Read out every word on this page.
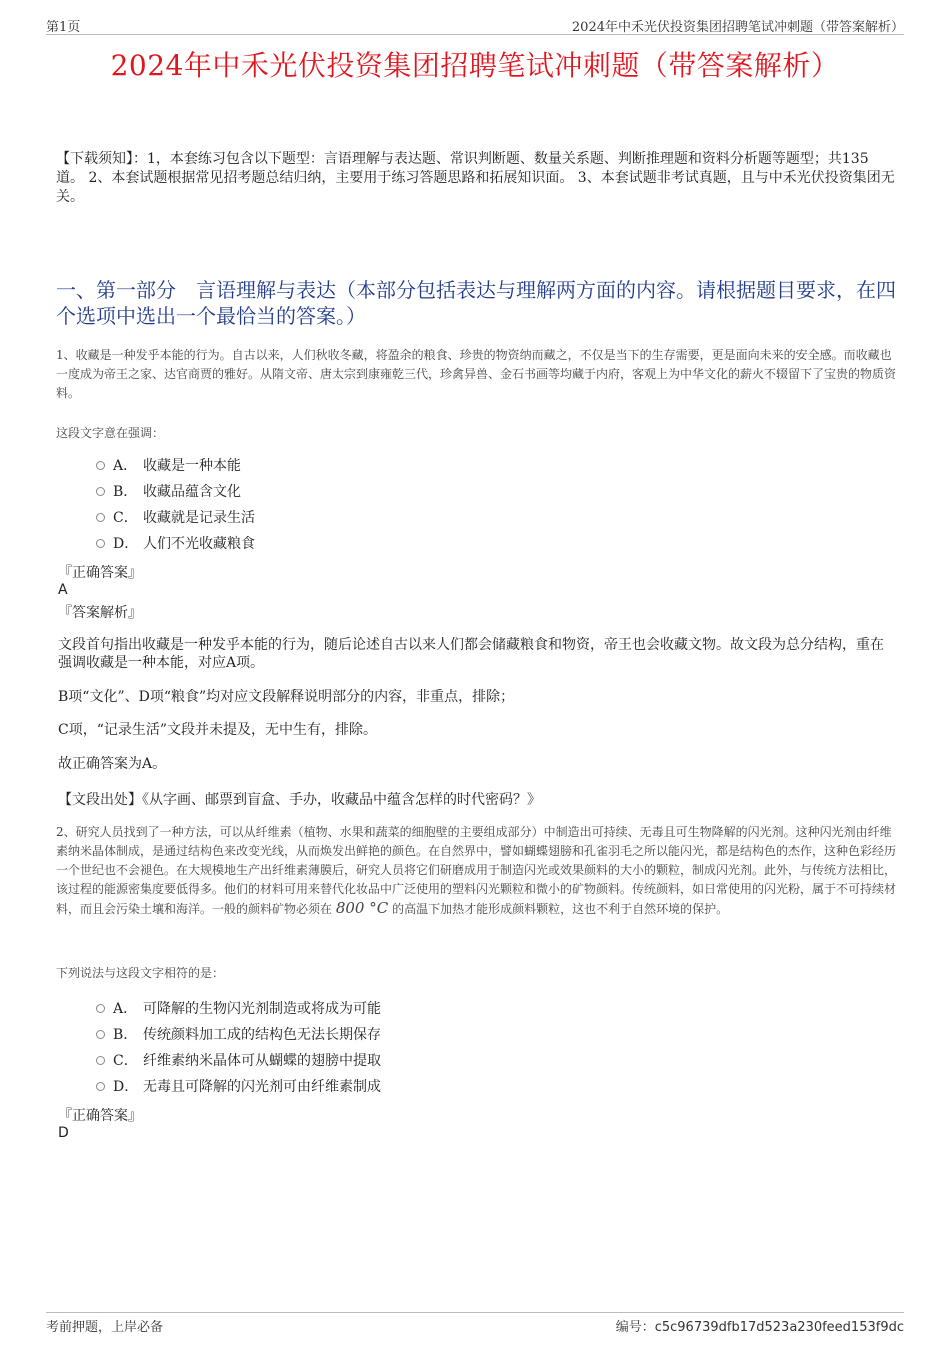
第1页	2024年中禾光伏投资集团招聘笔试冲刺题（带答案解析）
2024年中禾光伏投资集团招聘笔试冲刺题（带答案解析）
【下载须知】：1，本套练习包含以下题型：言语理解与表达题、常识判断题、数量关系题、判断推理题和资料分析题等题型；共135道。 2、本套试题根据常见招考题总结归纳，主要用于练习答题思路和拓展知识面。 3、本套试题非考试真题，且与中禾光伏投资集团无关。
一、第一部分　言语理解与表达（本部分包括表达与理解两方面的内容。请根据题目要求，在四个选项中选出一个最恰当的答案。）
1、收藏是一种发乎本能的行为。自古以来，人们秋收冬藏，将盈余的粮食、珍贵的物资纳而藏之，不仅是当下的生存需要，更是面向未来的安全感。而收藏也一度成为帝王之家、达官商贾的雅好。从隋文帝、唐太宗到康雍乾三代，珍禽异兽、金石书画等均藏于内府，客观上为中华文化的薪火不辍留下了宝贵的物质资料。
这段文字意在强调：
A． 收藏是一种本能
B． 收藏品蕴含文化
C． 收藏就是记录生活
D． 人们不光收藏粮食
『正确答案』
A
『答案解析』
文段首句指出收藏是一种发乎本能的行为，随后论述自古以来人们都会储藏粮食和物资，帝王也会收藏文物。故文段为总分结构，重在强调收藏是一种本能，对应A项。
B项“文化”、D项“粮食”均对应文段解释说明部分的内容，非重点，排除；
C项，“记录生活”文段并未提及，无中生有，排除。
故正确答案为A。
【文段出处】《从字画、邮票到盲盒、手办，收藏品中蕴含怎样的时代密码？》
2、研究人员找到了一种方法，可以从纤维素（植物、水果和蔬菜的细胞壁的主要组成部分）中制造出可持续、无毒且可生物降解的闪光剂。这种闪光剂由纤维素纳米晶体制成，是通过结构色来改变光线，从而焕发出鲜艳的颜色。在自然界中，譬如蝴蝶翅膀和孔雀羽毛之所以能闪光，都是结构色的杰作，这种色彩经历一个世纪也不会褪色。在大规模地生产出纤维素薄膜后，研究人员将它们研磨成用于制造闪光或效果颜料的大小的颗粒，制成闪光剂。此外，与传统方法相比，该过程的能源密集度要低得多。他们的材料可用来替代化妆品中广泛使用的塑料闪光颗粒和微小的矿物颜料。传统颜料，如日常使用的闪光粉，属于不可持续材料，而且会污染土壤和海洋。一般的颜料矿物必须在 800 °C 的高温下加热才能形成颜料颗粒，这也不利于自然环境的保护。
下列说法与这段文字相符的是：
A． 可降解的生物闪光剂制造或将成为可能
B． 传统颜料加工成的结构色无法长期保存
C． 纤维素纳米晶体可从蝴蝶的翅膀中提取
D． 无毒且可降解的闪光剂可由纤维素制成
『正确答案』
D
考前押题，上岸必备	编号：c5c96739dfb17d523a230feed153f9dc
